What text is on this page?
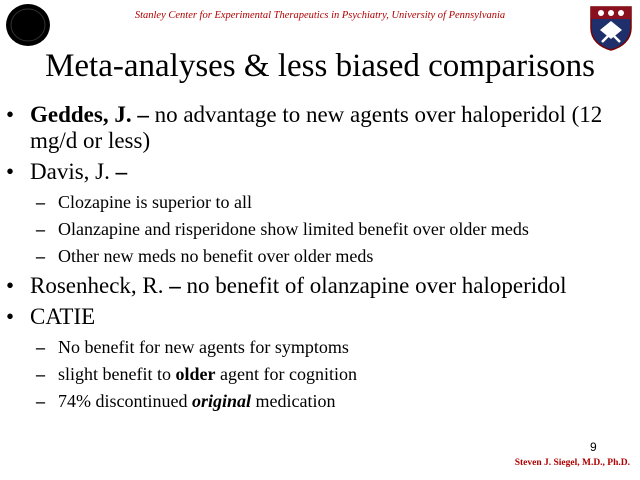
Stanley Center for Experimental Therapeutics in Psychiatry, University of Pennsylvania
Meta-analyses & less biased comparisons
• Geddes, J. – no advantage to new agents over haloperidol (12 mg/d or less)
• Davis, J. –
– Clozapine is superior to all
– Olanzapine and risperidone show limited benefit over older meds
– Other new meds no benefit over older meds
• Rosenheck, R. – no benefit of olanzapine over haloperidol
• CATIE
– No benefit for new agents for symptoms
– slight benefit to older agent for cognition
– 74% discontinued original medication
9
Steven J. Siegel, M.D., Ph.D.
